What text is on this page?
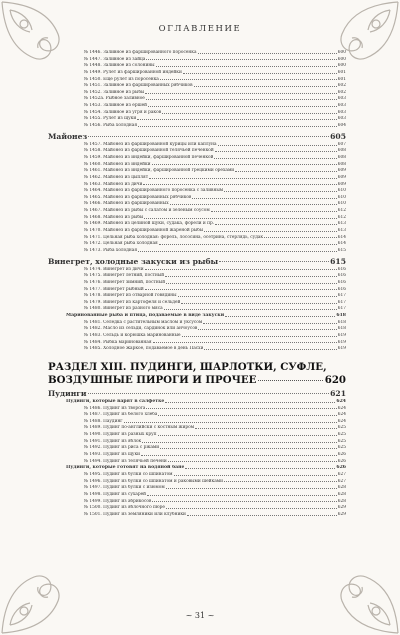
ОГЛАВЛЕНИЕ
№ 1446. Заливное из фаршированного поросенка	600
№ 1447. Заливное из зайца	600
№ 1448. Заливное из солонины	600
№ 1449. Рулет из фаршированной индейки	601
№ 1450. Еще рулет из поросенка	601
№ 1451. Заливное из фаршированных рябчиков	602
№ 1452. Заливное из рыбы	602
№ 1452а. Рыбное заливное	603
№ 1453. Заливное из ершей	603
№ 1454. Заливное из угря и раков	603
№ 1455. Рулет из щуки	603
№ 1456. Рыба холодная	604
Майонез	605
№ 1457. Майонез из фаршированной курицы или каплуна	607
№ 1458. Майонез из фаршированной телячьей печенкой	608
№ 1459. Майонез из индейки, фаршированной печенкой	608
№ 1460. Майонез из индейки	608
№ 1461. Майонез из индейки, фаршированной грецкими орехами	609
№ 1462. Майонез из цыплят	609
№ 1463. Майонез из дичи	609
№ 1464. Майонез из фаршированного поросенка с заливным	610
№ 1465. Майонез из фаршированных рябчиков	610
№ 1466. Майонез из фаршированных	610
№ 1467. Майонез из рыбы с салатом и зеленым соусом	612
№ 1468. Майонез из рыбы	612
№ 1469. Майонез из целиной щуки, судака, форели и пр.	613
№ 1470. Майонез из фаршированной жареной рыбы	613
№ 1471. Цельная рыба холодная: форель, лососина, осетрина, стерлядь, судак	614
№ 1472. Цельная рыба холодная	614
№ 1473. Рыба холодная	615
Винегрет, холодные закуски из рыбы	615
№ 1474. Винегрет из дичи	616
№ 1475. Винегрет летний, постный	616
№ 1476. Винегрет зимний, постный	616
№ 1477. Винегрет рыбный	616
№ 1478. Винегрет из отварной говядины	617
№ 1479. Винегрет из картофеля и сельдей	617
№ 1480. Винегрет из разного мяса	617
Маринованные рыба и птица, подаваемые в виде закуски	618
№ 1481. Селедка с растительным маслом и уксусом	618
№ 1482. Масло из сельди, сардинок или анчоусов	618
№ 1483. Сельдь и корюшка маринованные	619
№ 1484. Рыбка маринованная	619
№ 1485. Холодное жаркое, подаваемое в день Пасхи	619
РАЗДЕЛ XIII. ПУДИНГИ, ШАРЛОТКИ, СУФЛЕ,
ВОЗДУШНЫЕ ПИРОГИ И ПРОЧЕЕ	620
Пудинги	621
Пудинги, которые варят в салфетке	624
№ 1486. Пудинг из творога	624
№ 1487. Пудинг из белого хлеба	624
№ 1488. Паудинг	624
№ 1489. Пудинг по-английски с костным жиром	625
№ 1490. Пудинг из разных круп	625
№ 1491. Пудинг из яблок	625
№ 1492. Пудинг из риса с ржами	625
№ 1493. Пудинг из щуки	626
№ 1494. Пудинг из телячьей печени	626
Пудинги, которые готовят на водяной бане	626
№ 1495. Пудинг из булки со шпинатом	627
№ 1496. Пудинг из булки со шпинатом и раковыми шейками	627
№ 1497. Пудинг из булки с изюмом	628
№ 1498. Пудинг из сухарей	628
№ 1499. Пудинг из абрикосов	628
№ 1500. Пудинг из яблочного пюре	629
№ 1501. Пудинг из земляники или клубники	629
~ 31 ~
